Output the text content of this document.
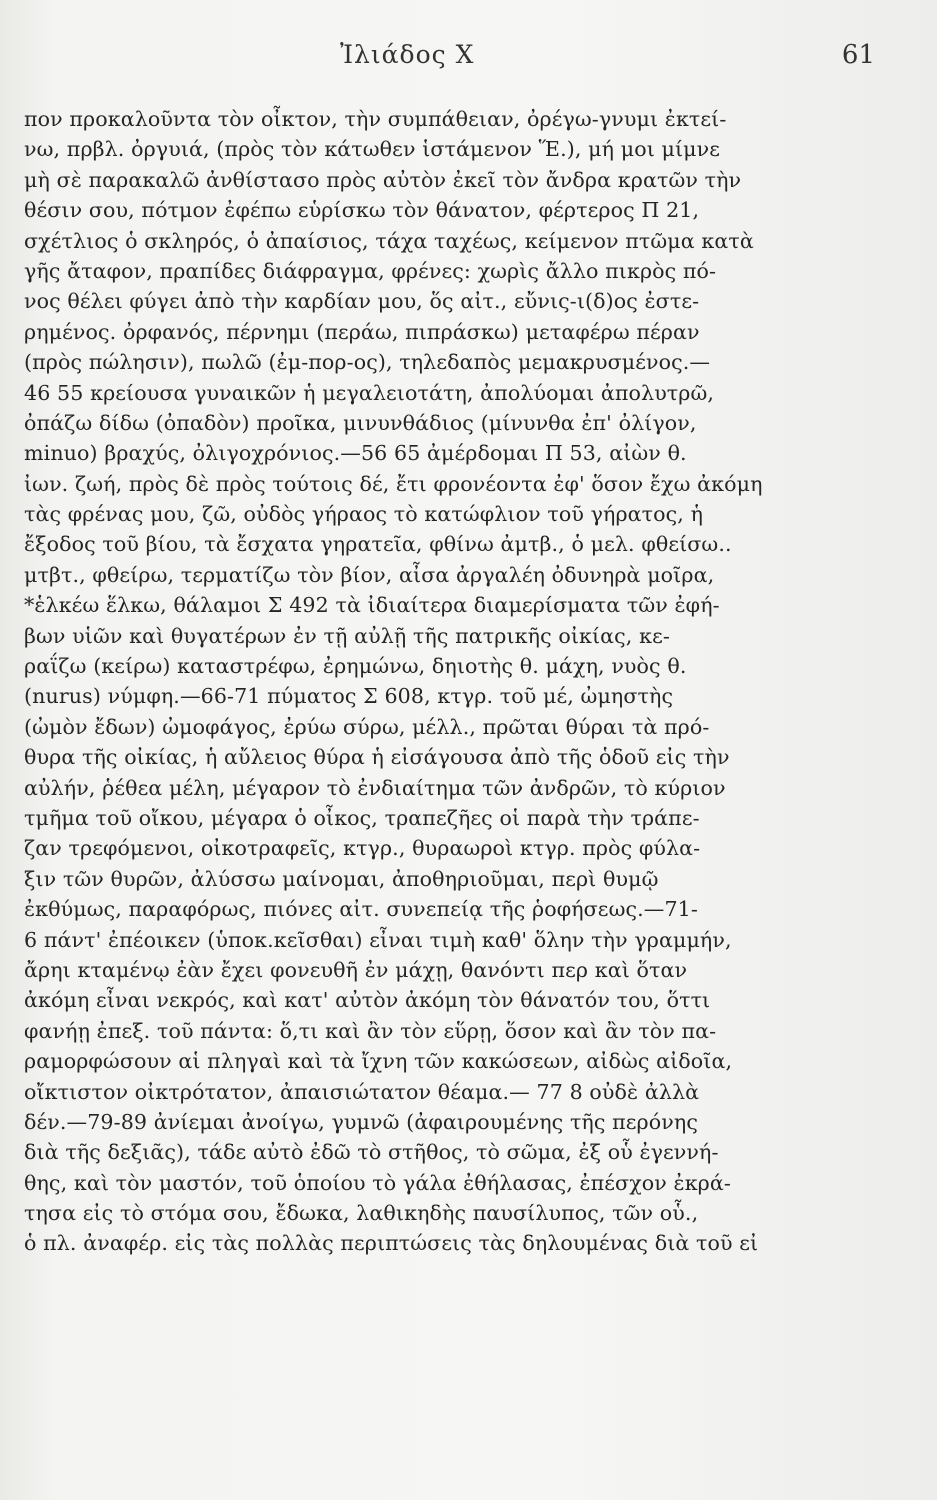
Ἰλιάδος Χ	61
πον προκαλοῦντα τὸν οἶκτον, τὴν συμπάθειαν, ὀρέγω-γνυμι ἐκτεί-
νω, πρβλ. ὀργυιά, (πρὸς τὸν κάτωθεν ἱστάμενον Ἕ.), μή μοι μίμνε
μὴ σὲ παρακαλῶ ἀνθίστασο πρὸς αὐτὸν ἐκεῖ τὸν ἄνδρα κρατῶν τὴν
θέσιν σου, πότμον ἐφέπω εὑρίσκω τὸν θάνατον, φέρτερος Π 21,
σχέτλιος ὁ σκληρός, ὁ ἀπαίσιος, τάχα ταχέως, κείμενον πτῶμα κατὰ
γῆς ἄταφον, πραπίδες διάφραγμα, φρένες: χωρὶς ἄλλο πικρὸς πό-
νος θέλει φύγει ἀπὸ τὴν καρδίαν μου, ὅς αἰτ., εὔνις-ι(δ)ος ἐστε-
ρημένος. ὀρφανός, πέρνημι (περάω, πιπράσκω) μεταφέρω πέραν
(πρὸς πώλησιν), πωλῶ (ἐμ-πορ-ος), τηλεδαπὸς μεμακρυσμένος.—
46 55 κρείουσα γυναικῶν ἡ μεγαλειοτάτη, ἀπολύομαι ἀπολυτρῶ,
ὀπάζω δίδω (ὀπαδὸν) προῖκα, μινυνθάδιος (μίνυνθα ἐπ' ὀλίγον,
minuo) βραχύς, ὀλιγοχρόνιος.—56 65 ἀμέρδομαι Π 53, αἰὼν θ.
ἰων. ζωή, πρὸς δὲ πρὸς τούτοις δέ, ἔτι φρονέοντα ἐφ' ὅσον ἔχω ἀκόμη
τὰς φρένας μου, ζῶ, οὐδὸς γήραος τὸ κατώφλιον τοῦ γήρατος, ἡ
ἔξοδος τοῦ βίου, τὰ ἔσχατα γηρατεῖα, φθίνω ἀμτβ., ὁ μελ. φθείσω..
μτβτ., φθείρω, τερματίζω τὸν βίον, αἶσα ἀργαλέη ὀδυνηρὰ μοῖρα,
*ἑλκέω ἕλκω, θάλαμοι Σ 492 τὰ ἰδιαίτερα διαμερίσματα τῶν ἐφή-
βων υἱῶν καὶ θυγατέρων ἐν τῇ αὐλῇ τῆς πατρικῆς οἰκίας, κε-
ραΐζω (κείρω) καταστρέφω, ἐρημώνω, δηιοτὴς θ. μάχη, νυὸς θ.
(nurus) νύμφη.—66-71 πύματος Σ 608, κτγρ. τοῦ μέ, ὠμηστὴς
(ὠμὸν ἔδων) ὠμοφάγος, ἐρύω σύρω, μέλλ., πρῶται θύραι τὰ πρό-
θυρα τῆς οἰκίας, ἡ αὔλειος θύρα ἡ εἰσάγουσα ἀπὸ τῆς ὁδοῦ εἰς τὴν
αὐλήν, ῥέθεα μέλη, μέγαρον τὸ ἐνδιαίτημα τῶν ἀνδρῶν, τὸ κύριον
τμῆμα τοῦ οἴκου, μέγαρα ὁ οἶκος, τραπεζῆες οἱ παρὰ τὴν τράπε-
ζαν τρεφόμενοι, οἰκοτραφεῖς, κτγρ., θυραωροὶ κτγρ. πρὸς φύλα-
ξιν τῶν θυρῶν, ἀλύσσω μαίνομαι, ἀποθηριοῦμαι, περὶ θυμῷ
ἐκθύμως, παραφόρως, πιόνες αἰτ. συνεπείᾳ τῆς ῥοφήσεως.—71-
6 πάντ' ἐπέοικεν (ὑποκ.κεῖσθαι) εἶναι τιμὴ καθ' ὅλην τὴν γραμμήν,
ἄρηι κταμένῳ ἐὰν ἔχει φονευθῆ ἐν μάχῃ, θανόντι περ καὶ ὅταν
ἀκόμη εἶναι νεκρός, καὶ κατ' αὐτὸν ἀκόμη τὸν θάνατόν του, ὅττι
φανήῃ ἐπεξ. τοῦ πάντα: ὅ,τι καὶ ἂν τὸν εὕρῃ, ὅσον καὶ ἂν τὸν πα-
ραμορφώσουν αἱ πληγαὶ καὶ τὰ ἴχνη τῶν κακώσεων, αἰδὼς αἰδοῖα,
οἴκτιστον οἰκτρότατον, ἀπαισιώτατον θέαμα.— 77 8 οὐδὲ ἀλλὰ
δέν.—79-89 ἀνίεμαι ἀνοίγω, γυμνῶ (ἀφαιρουμένης τῆς περόνης
διὰ τῆς δεξιᾶς), τάδε αὐτὸ ἐδῶ τὸ στῆθος, τὸ σῶμα, ἐξ οὗ ἐγεννή-
θης, καὶ τὸν μαστόν, τοῦ ὁποίου τὸ γάλα ἐθήλασας, ἐπέσχον ἐκρά-
τησα εἰς τὸ στόμα σου, ἔδωκα, λαθικηδὴς παυσίλυπος, τῶν οὗ.,
ὁ πλ. ἀναφέρ. εἰς τὰς πολλὰς περιπτώσεις τὰς δηλουμένας διὰ τοῦ εἰ
